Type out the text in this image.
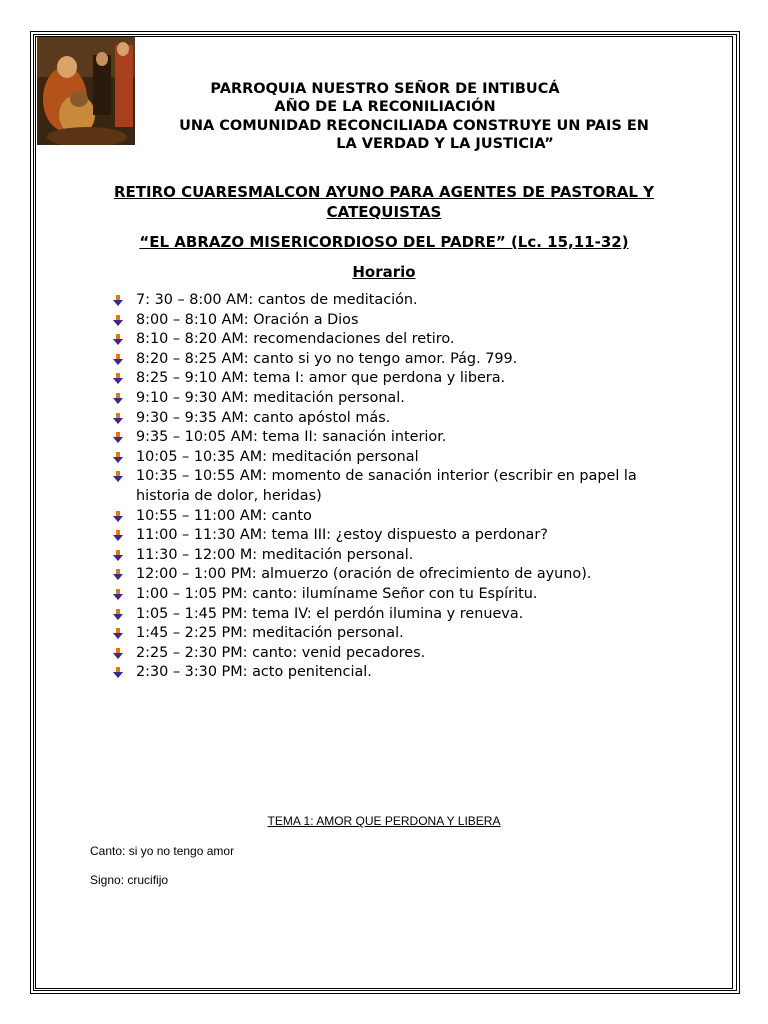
PARROQUIA NUESTRO SEÑOR DE INTIBUCÁ
AÑO DE LA RECONILIACIÓN
UNA COMUNIDAD RECONCILIADA CONSTRUYE UN PAIS EN
LA VERDAD Y LA JUSTICIA”
RETIRO CUARESMALCON AYUNO PARA AGENTES DE PASTORAL Y CATEQUISTAS
“EL ABRAZO MISERICORDIOSO DEL PADRE” (Lc. 15,11-32)
Horario
7: 30 – 8:00 AM: cantos de meditación.
8:00 – 8:10 AM: Oración a Dios
8:10 – 8:20 AM: recomendaciones del retiro.
8:20 – 8:25 AM: canto si yo no tengo amor. Pág. 799.
8:25 – 9:10 AM: tema I: amor que perdona y libera.
9:10 – 9:30 AM: meditación personal.
9:30 – 9:35 AM: canto apóstol más.
9:35 – 10:05 AM: tema II: sanación interior.
10:05 – 10:35 AM: meditación personal
10:35 – 10:55 AM: momento de sanación interior (escribir en papel la historia de dolor, heridas)
10:55 – 11:00 AM: canto
11:00 – 11:30 AM: tema III: ¿estoy dispuesto a perdonar?
11:30 – 12:00 M: meditación personal.
12:00 – 1:00 PM: almuerzo (oración de ofrecimiento de ayuno).
1:00 – 1:05 PM: canto: ilumíname Señor con tu Espíritu.
1:05 – 1:45 PM: tema IV: el perdón ilumina y renueva.
1:45 – 2:25 PM: meditación personal.
2:25 – 2:30 PM: canto: venid pecadores.
2:30 – 3:30 PM: acto penitencial.
TEMA 1: AMOR QUE PERDONA Y LIBERA
Canto: si yo no tengo amor
Signo: crucifijo
